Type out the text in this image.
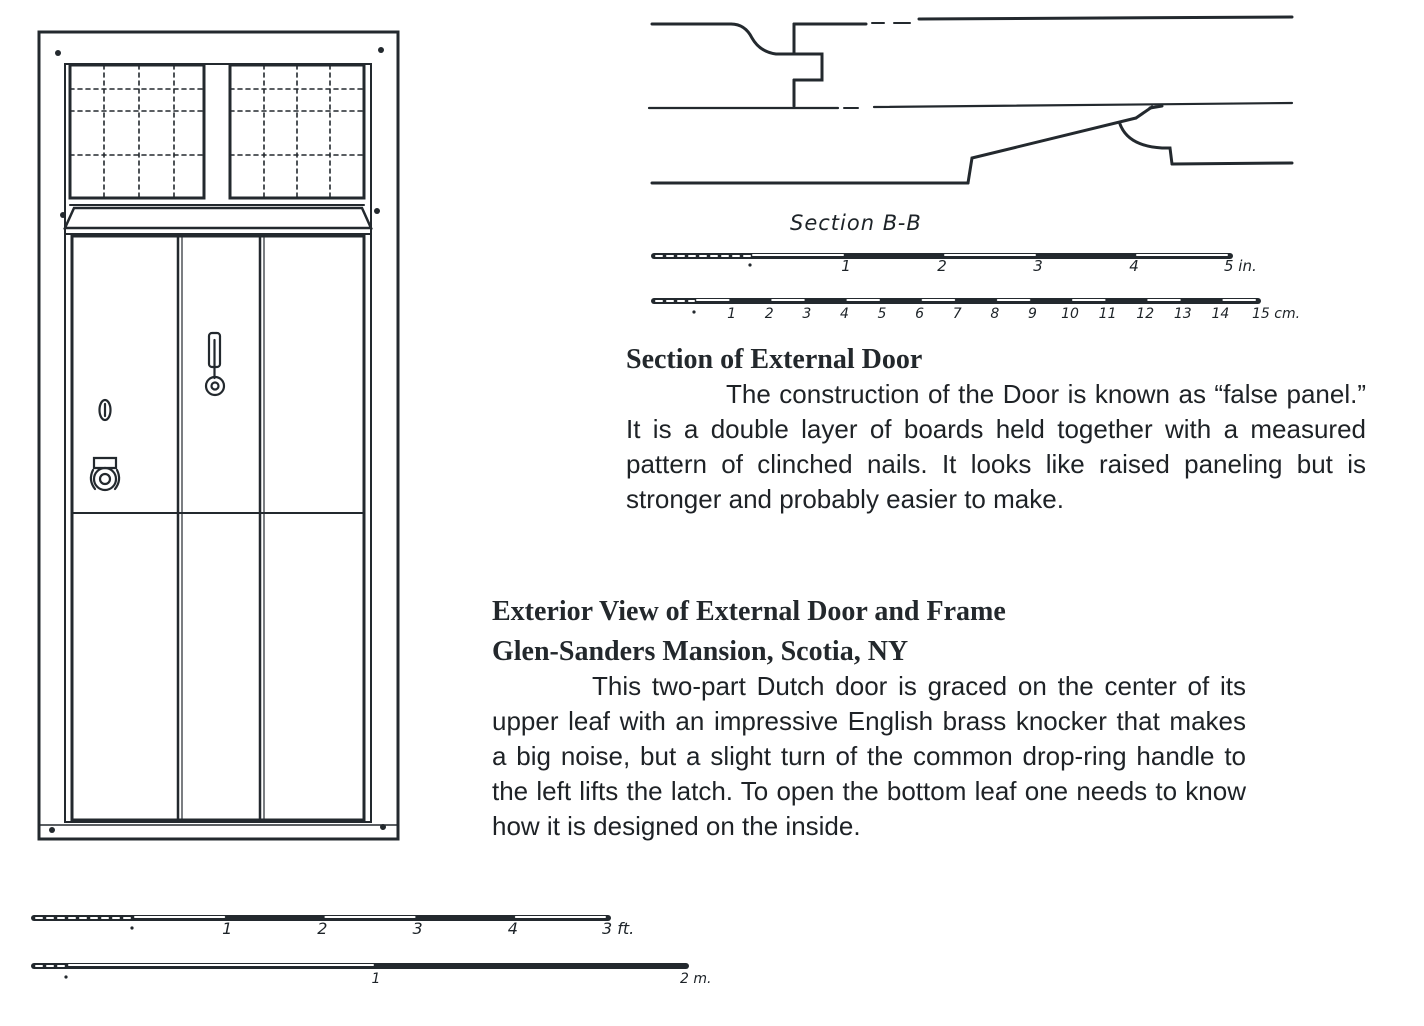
Section B-B
1	2	3	4	5 in.
1 2 3 4 5 6 7 8 9 10 11 12 13 14 15 cm.
1	2	3	4	3 ft.
1	2 m.
Section of External Door

The construction of the Door is known as “false panel.” It is a double layer of boards held together with a measured pattern of clinched nails. It looks like raised paneling but is stronger and probably easier to make.

Exterior View of External Door and Frame
Glen-Sanders Mansion, Scotia, NY

This two-part Dutch door is graced on the center of its upper leaf with an impressive English brass knocker that makes a big noise, but a slight turn of the common drop-ring handle to the left lifts the latch. To open the bottom leaf one needs to know how it is designed on the inside.
